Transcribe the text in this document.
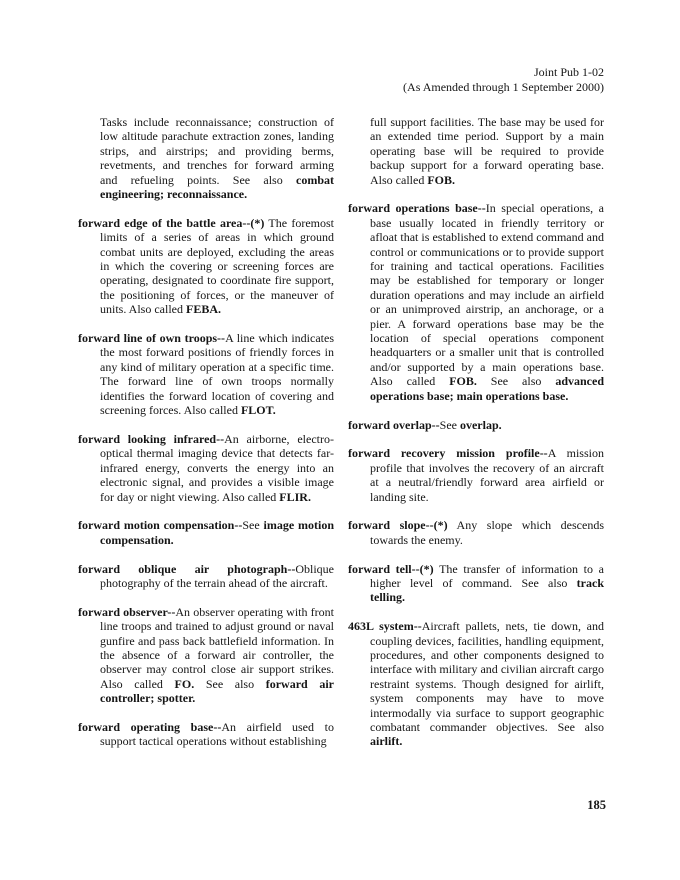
Joint Pub 1-02
(As Amended through 1 September 2000)

Tasks include reconnaissance; construction of low altitude parachute extraction zones, landing strips, and airstrips; and providing berms, revetments, and trenches for forward arming and refueling points. See also combat engineering; reconnaissance.

forward edge of the battle area--(*) The foremost limits of a series of areas in which ground combat units are deployed, excluding the areas in which the covering or screening forces are operating, designated to coordinate fire support, the positioning of forces, or the maneuver of units. Also called FEBA.

forward line of own troops--A line which indicates the most forward positions of friendly forces in any kind of military operation at a specific time. The forward line of own troops normally identifies the forward location of covering and screening forces. Also called FLOT.

forward looking infrared--An airborne, electro-optical thermal imaging device that detects far-infrared energy, converts the energy into an electronic signal, and provides a visible image for day or night viewing. Also called FLIR.

forward motion compensation--See image motion compensation.

forward oblique air photograph--Oblique photography of the terrain ahead of the aircraft.

forward observer--An observer operating with front line troops and trained to adjust ground or naval gunfire and pass back battlefield information. In the absence of a forward air controller, the observer may control close air support strikes. Also called FO. See also forward air controller; spotter.

forward operating base--An airfield used to support tactical operations without establishing

full support facilities. The base may be used for an extended time period. Support by a main operating base will be required to provide backup support for a forward operating base. Also called FOB.

forward operations base--In special operations, a base usually located in friendly territory or afloat that is established to extend command and control or communications or to provide support for training and tactical operations. Facilities may be established for temporary or longer duration operations and may include an airfield or an unimproved airstrip, an anchorage, or a pier. A forward operations base may be the location of special operations component headquarters or a smaller unit that is controlled and/or supported by a main operations base. Also called FOB. See also advanced operations base; main operations base.

forward overlap--See overlap.

forward recovery mission profile--A mission profile that involves the recovery of an aircraft at a neutral/friendly forward area airfield or landing site.

forward slope--(*) Any slope which descends towards the enemy.

forward tell--(*) The transfer of information to a higher level of command. See also track telling.

463L system--Aircraft pallets, nets, tie down, and coupling devices, facilities, handling equipment, procedures, and other components designed to interface with military and civilian aircraft cargo restraint systems. Though designed for airlift, system components may have to move intermodally via surface to support geographic combatant commander objectives. See also airlift.

185
